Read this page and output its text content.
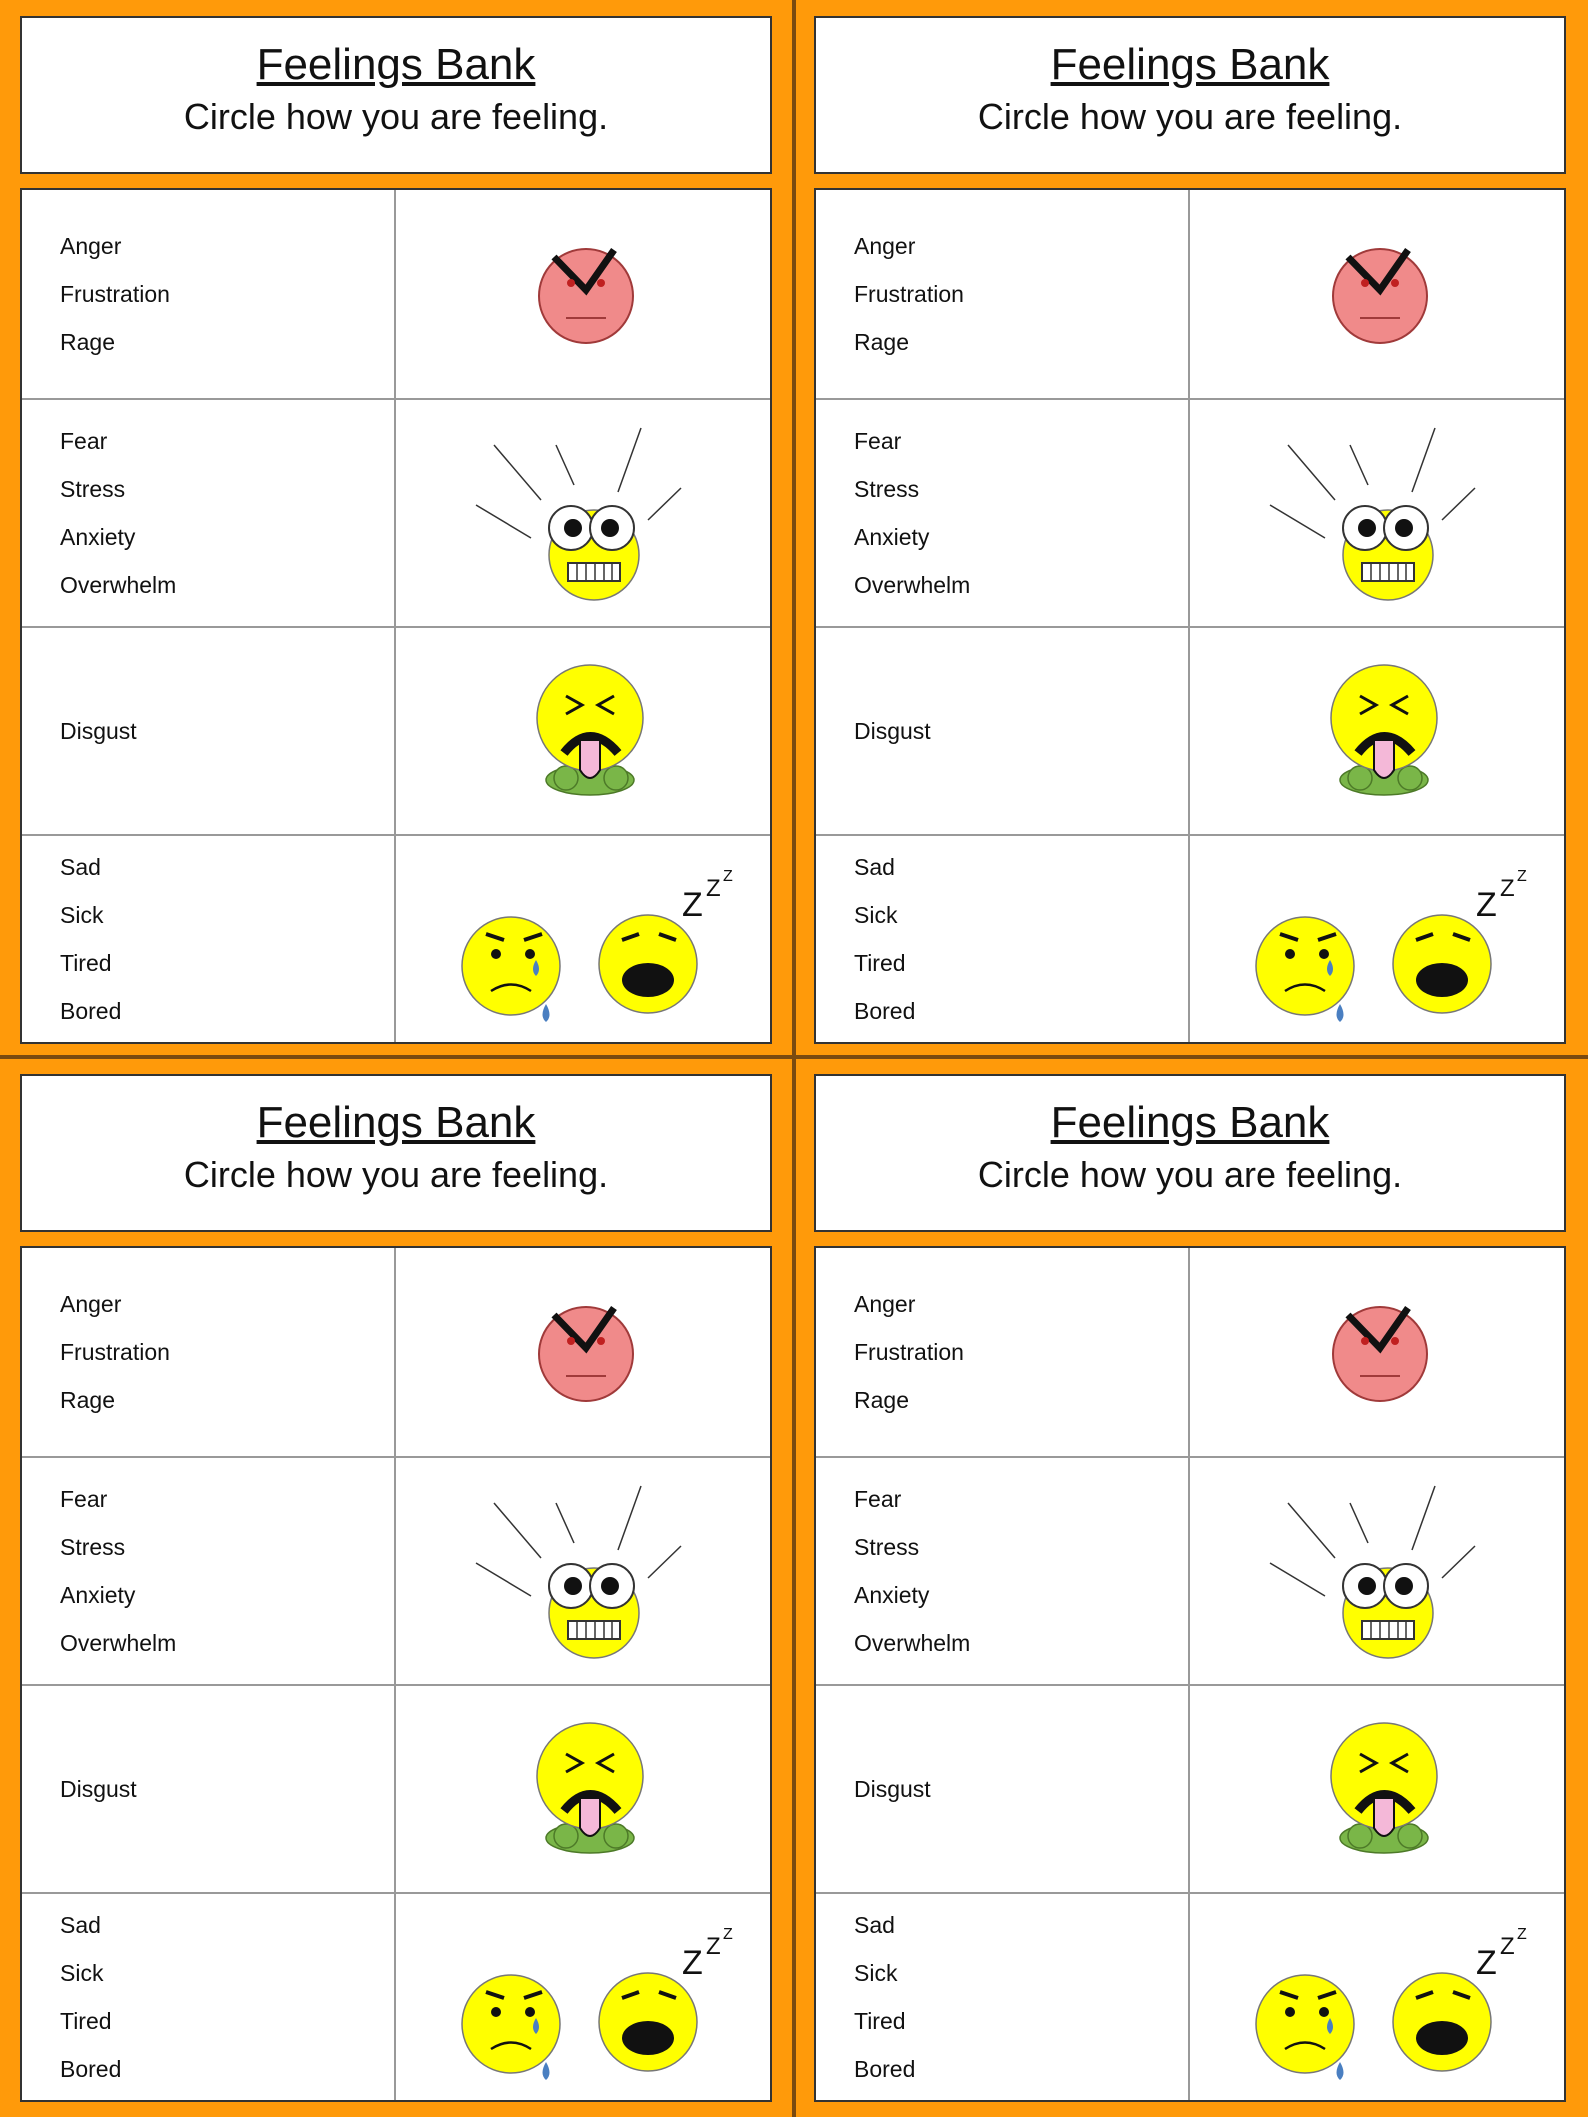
Feelings Bank
Circle how you are feeling.
Anger
Frustration
Rage
Fear
Stress
Anxiety
Overwhelm
Disgust
Sad
Sick
Tired
Bored
Z Z Z
Feelings Bank
Circle how you are feeling.
Anger
Frustration
Rage
Fear
Stress
Anxiety
Overwhelm
Disgust
Sad
Sick
Tired
Bored
Z Z Z
Feelings Bank
Circle how you are feeling.
Anger
Frustration
Rage
Fear
Stress
Anxiety
Overwhelm
Disgust
Sad
Sick
Tired
Bored
Z Z Z
Feelings Bank
Circle how you are feeling.
Anger
Frustration
Rage
Fear
Stress
Anxiety
Overwhelm
Disgust
Sad
Sick
Tired
Bored
Z Z Z
